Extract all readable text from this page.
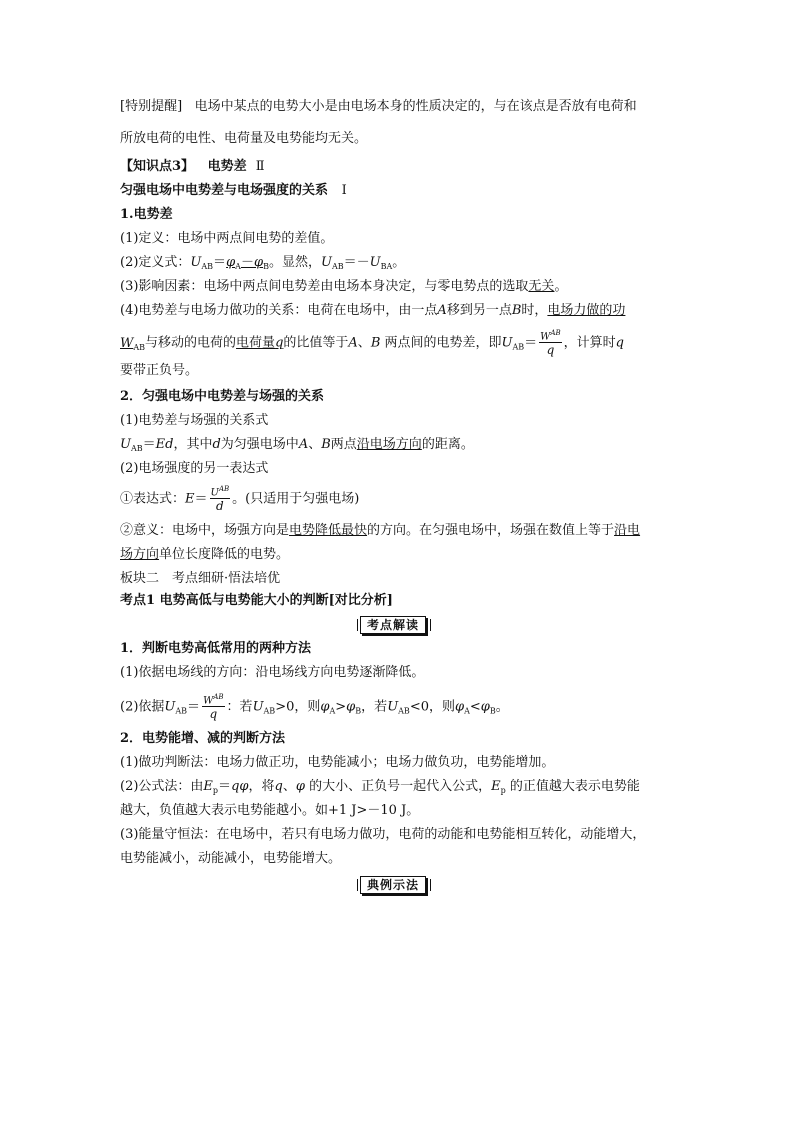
[特别提醒] 电场中某点的电势大小是由电场本身的性质决定的，与在该点是否放有电荷和
所放电荷的电性、电荷量及电势能均无关。
【知识点3】 电势差 Ⅱ
匀强电场中电势差与电场强度的关系 Ⅰ
1.电势差
(1)定义：电场中两点间电势的差值。
(2)定义式：$U_{AB}=\varphi_A-\varphi_B$。显然，$U_{AB}=-U_{BA}$。
(3)影响因素：电场中两点间电势差由电场本身决定，与零电势点的选取无关。
(4)电势差与电场力做功的关系：电荷在电场中，由一点A移到另一点B时，电场力做的功
$W_{AB}$与移动的电荷的电荷量q的比值等于A、B 两点间的电势差，即$U_{AB}= \frac{W^{AB}}{q}$ ，计算时q
要带正负号。
2．匀强电场中电势差与场强的关系
(1)电势差与场强的关系式
$U_{AB}=Ed$，其中d为匀强电场中A、B两点沿电场方向的距离。
(2)电场强度的另一表达式
①表达式：$E= \frac{U^{AB}}{d}$ 。(只适用于匀强电场)
②意义：电场中，场强方向是电势降低最快的方向。在匀强电场中，场强在数值上等于沿电
场方向单位长度降低的电势。
板块二　考点细研·悟法培优
考点1 电势高低与电势能大小的判断[对比分析]
考点解读
1．判断电势高低常用的两种方法
(1)依据电场线的方向：沿电场线方向电势逐渐降低。
(2)依据$U_{AB}= \frac{W^{AB}}{q}$ ：若$U_{AB}>0$，则$\varphi_A>\varphi_B$，若$U_{AB}<0$，则$\varphi_A<\varphi_B$。
2．电势能增、减的判断方法
(1)做功判断法：电场力做正功，电势能减小；电场力做负功，电势能增加。
(2)公式法：由$E_p=q\varphi$，将q、φ 的大小、正负号一起代入公式，$E_p$ 的正值越大表示电势能
越大，负值越大表示电势能越小。如+1 J>－10 J。
(3)能量守恒法：在电场中，若只有电场力做功，电荷的动能和电势能相互转化，动能增大，
电势能减小，动能减小，电势能增大。
典例示法
